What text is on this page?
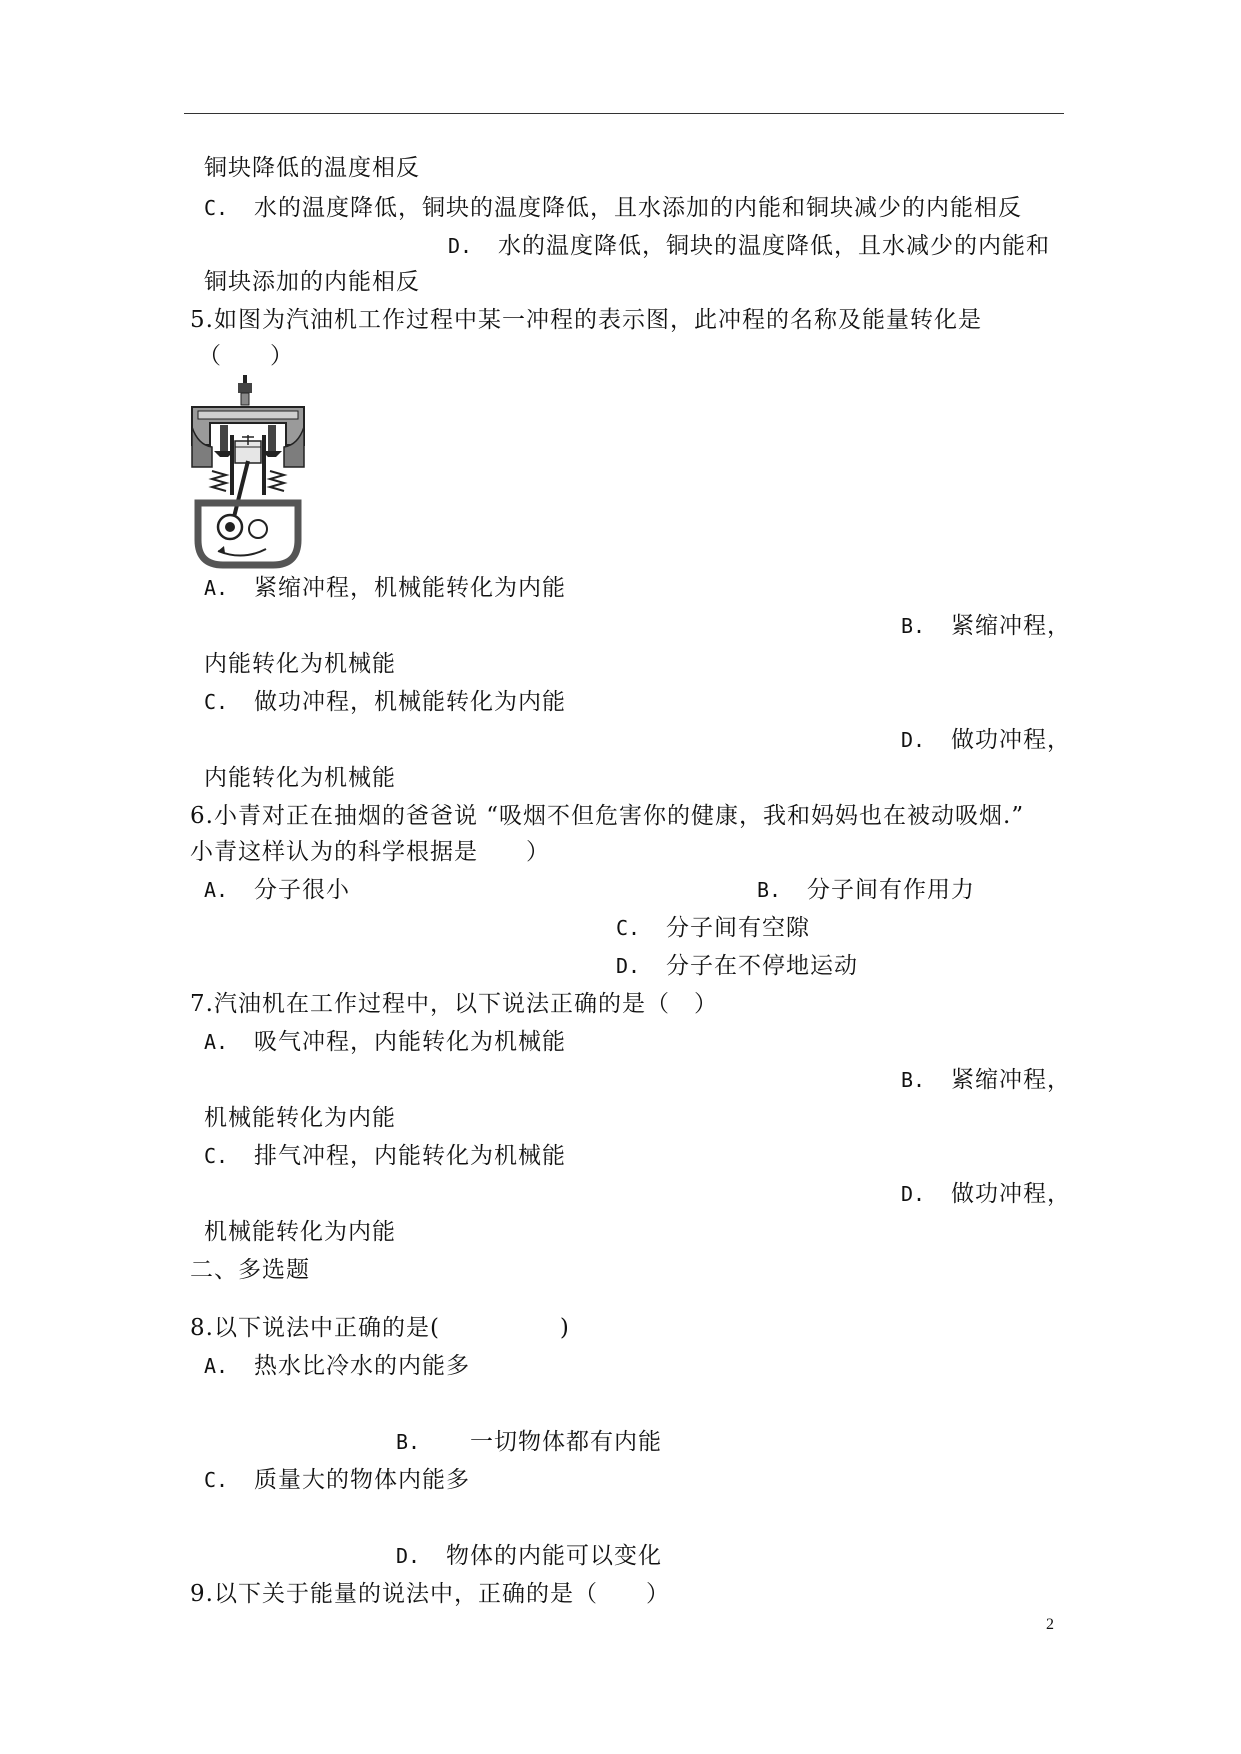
铜块降低的温度相反
C. 水的温度降低，铜块的温度降低，且水添加的内能和铜块减少的内能相反
D. 水的温度降低，铜块的温度降低，且水减少的内能和
铜块添加的内能相反
5.如图为汽油机工作过程中某一冲程的表示图，此冲程的名称及能量转化是
（　　）
A. 紧缩冲程，机械能转化为内能
B. 紧缩冲程，
内能转化为机械能
C. 做功冲程，机械能转化为内能
D. 做功冲程，
内能转化为机械能
6.小青对正在抽烟的爸爸说 “吸烟不但危害你的健康，我和妈妈也在被动吸烟.”
小青这样认为的科学根据是　　）
A. 分子很小	B. 分子间有作用力
C. 分子间有空隙
D. 分子在不停地运动
7.汽油机在工作过程中，以下说法正确的是（　）
A. 吸气冲程，内能转化为机械能
B. 紧缩冲程，
机械能转化为内能
C. 排气冲程，内能转化为机械能
D. 做功冲程，
机械能转化为内能
二、多选题
8.以下说法中正确的是(　　　　　)
A. 热水比冷水的内能多
B. 一切物体都有内能
C. 质量大的物体内能多
D. 物体的内能可以变化
9.以下关于能量的说法中，正确的是（　　）
2
